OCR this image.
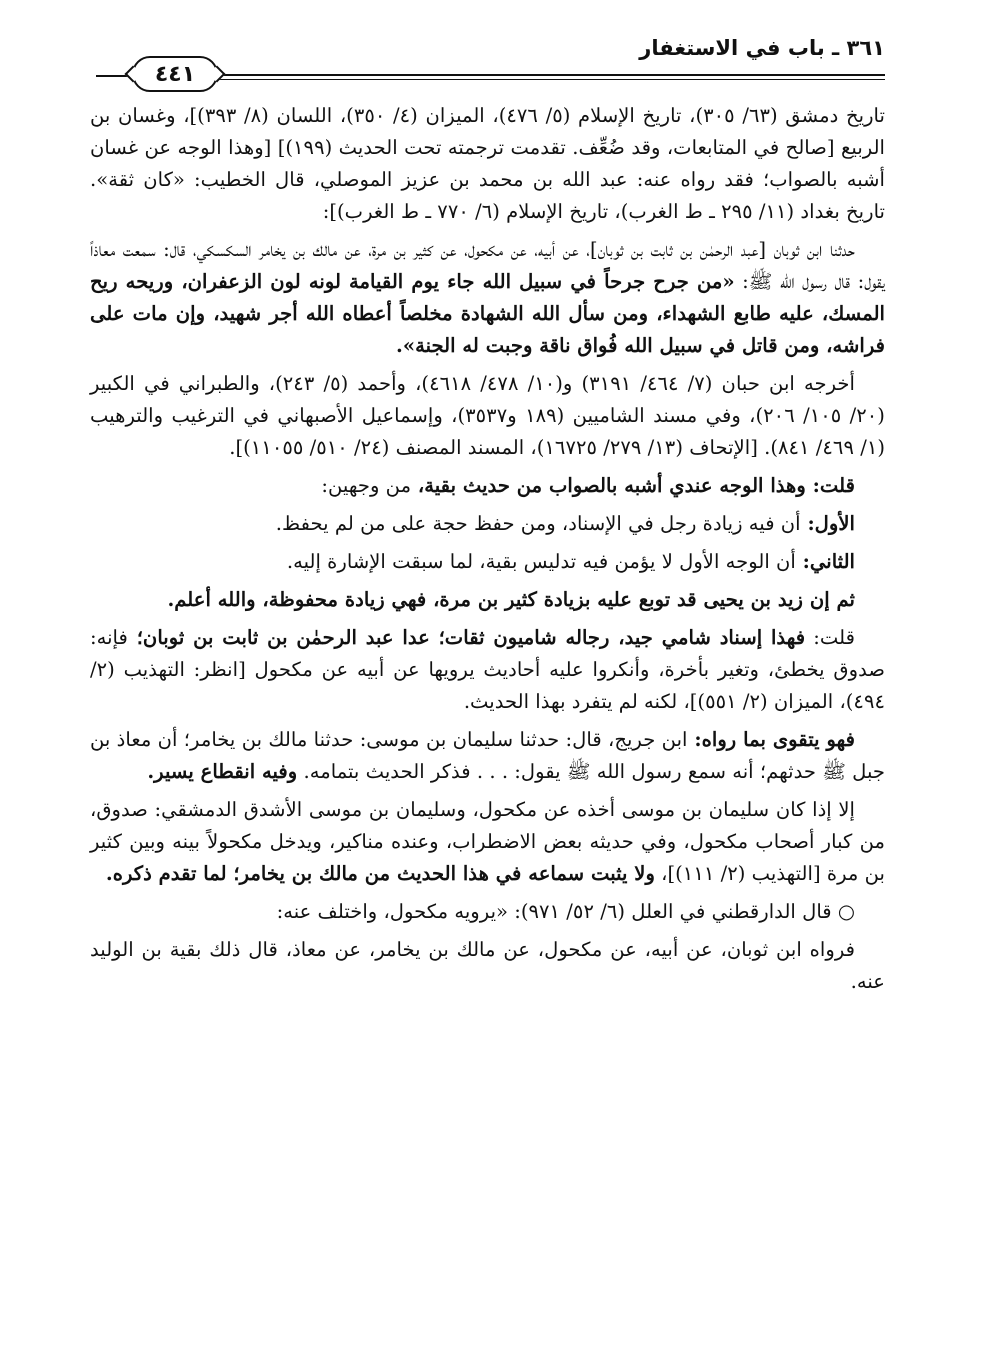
٣٦١ ـ باب في الاستغفار
٤٤١

تاريخ دمشق (٦٣/ ٣٠٥)، تاريخ الإسلام (٥/ ٤٧٦)، الميزان (٤/ ٣٥٠)، اللسان (٨/ ٣٩٣)]، وغسان بن الربيع [صالح في المتابعات، وقد ضُعِّف. تقدمت ترجمته تحت الحديث (١٩٩)] [وهذا الوجه عن غسان أشبه بالصواب؛ فقد رواه عنه: عبد الله بن محمد بن عزيز الموصلي، قال الخطيب: «كان ثقة». تاريخ بغداد (١١/ ٢٩٥ ـ ط الغرب)، تاريخ الإسلام (٦/ ٧٧٠ ـ ط الغرب)]:

حدثنا ابن ثوبان [عبد الرحمٰن بن ثابت بن ثوبان]، عن أبيه، عن مكحول، عن كثير بن مرة، عن مالك بن يخامر السكسكي، قال: سمعت معاذاً يقول: قال رسول الله ﷺ: «من جرح جرحاً في سبيل الله جاء يوم القيامة لونه لون الزعفران، وريحه ريح المسك، عليه طابع الشهداء، ومن سأل الله الشهادة مخلصاً أعطاه الله أجر شهيد، وإن مات على فراشه، ومن قاتل في سبيل الله فُواق ناقة وجبت له الجنة».

أخرجه ابن حبان (٧/ ٤٦٤/ ٣١٩١) و(١٠/ ٤٧٨/ ٤٦١٨)، وأحمد (٥/ ٢٤٣)، والطبراني في الكبير (٢٠/ ١٠٥/ ٢٠٦)، وفي مسند الشاميين (١٨٩ و٣٥٣٧)، وإسماعيل الأصبهاني في الترغيب والترهيب (١/ ٤٦٩/ ٨٤١). [الإتحاف (١٣/ ٢٧٩/ ١٦٧٢٥)، المسند المصنف (٢٤/ ٥١٠/ ١١٠٥٥)].

قلت: وهذا الوجه عندي أشبه بالصواب من حديث بقية، من وجهين:

الأول: أن فيه زيادة رجل في الإسناد، ومن حفظ حجة على من لم يحفظ.

الثاني: أن الوجه الأول لا يؤمن فيه تدليس بقية، لما سبقت الإشارة إليه.

ثم إن زيد بن يحيى قد توبع عليه بزيادة كثير بن مرة، فهي زيادة محفوظة، والله أعلم.

قلت: فهذا إسناد شامي جيد، رجاله شاميون ثقات؛ عدا عبد الرحمٰن بن ثابت بن ثوبان؛ فإنه: صدوق يخطئ، وتغير بأخرة، وأنكروا عليه أحاديث يرويها عن أبيه عن مكحول [انظر: التهذيب (٢/ ٤٩٤)، الميزان (٢/ ٥٥١)]، لكنه لم يتفرد بهذا الحديث.

فهو يتقوى بما رواه: ابن جريج، قال: حدثنا سليمان بن موسى: حدثنا مالك بن يخامر؛ أن معاذ بن جبل ﷺ حدثهم؛ أنه سمع رسول الله ﷺ يقول: . . . فذكر الحديث بتمامه. وفيه انقطاع يسير.

إلا إذا كان سليمان بن موسى أخذه عن مكحول، وسليمان بن موسى الأشدق الدمشقي: صدوق، من كبار أصحاب مكحول، وفي حديثه بعض الاضطراب، وعنده مناكير، ويدخل مكحولاً بينه وبين كثير بن مرة [التهذيب (٢/ ١١١)]، ولا يثبت سماعه في هذا الحديث من مالك بن يخامر؛ لما تقدم ذكره.

○ قال الدارقطني في العلل (٦/ ٥٢/ ٩٧١): «يرويه مكحول، واختلف عنه:

فرواه ابن ثوبان، عن أبيه، عن مكحول، عن مالك بن يخامر، عن معاذ، قال ذلك بقية بن الوليد عنه.
